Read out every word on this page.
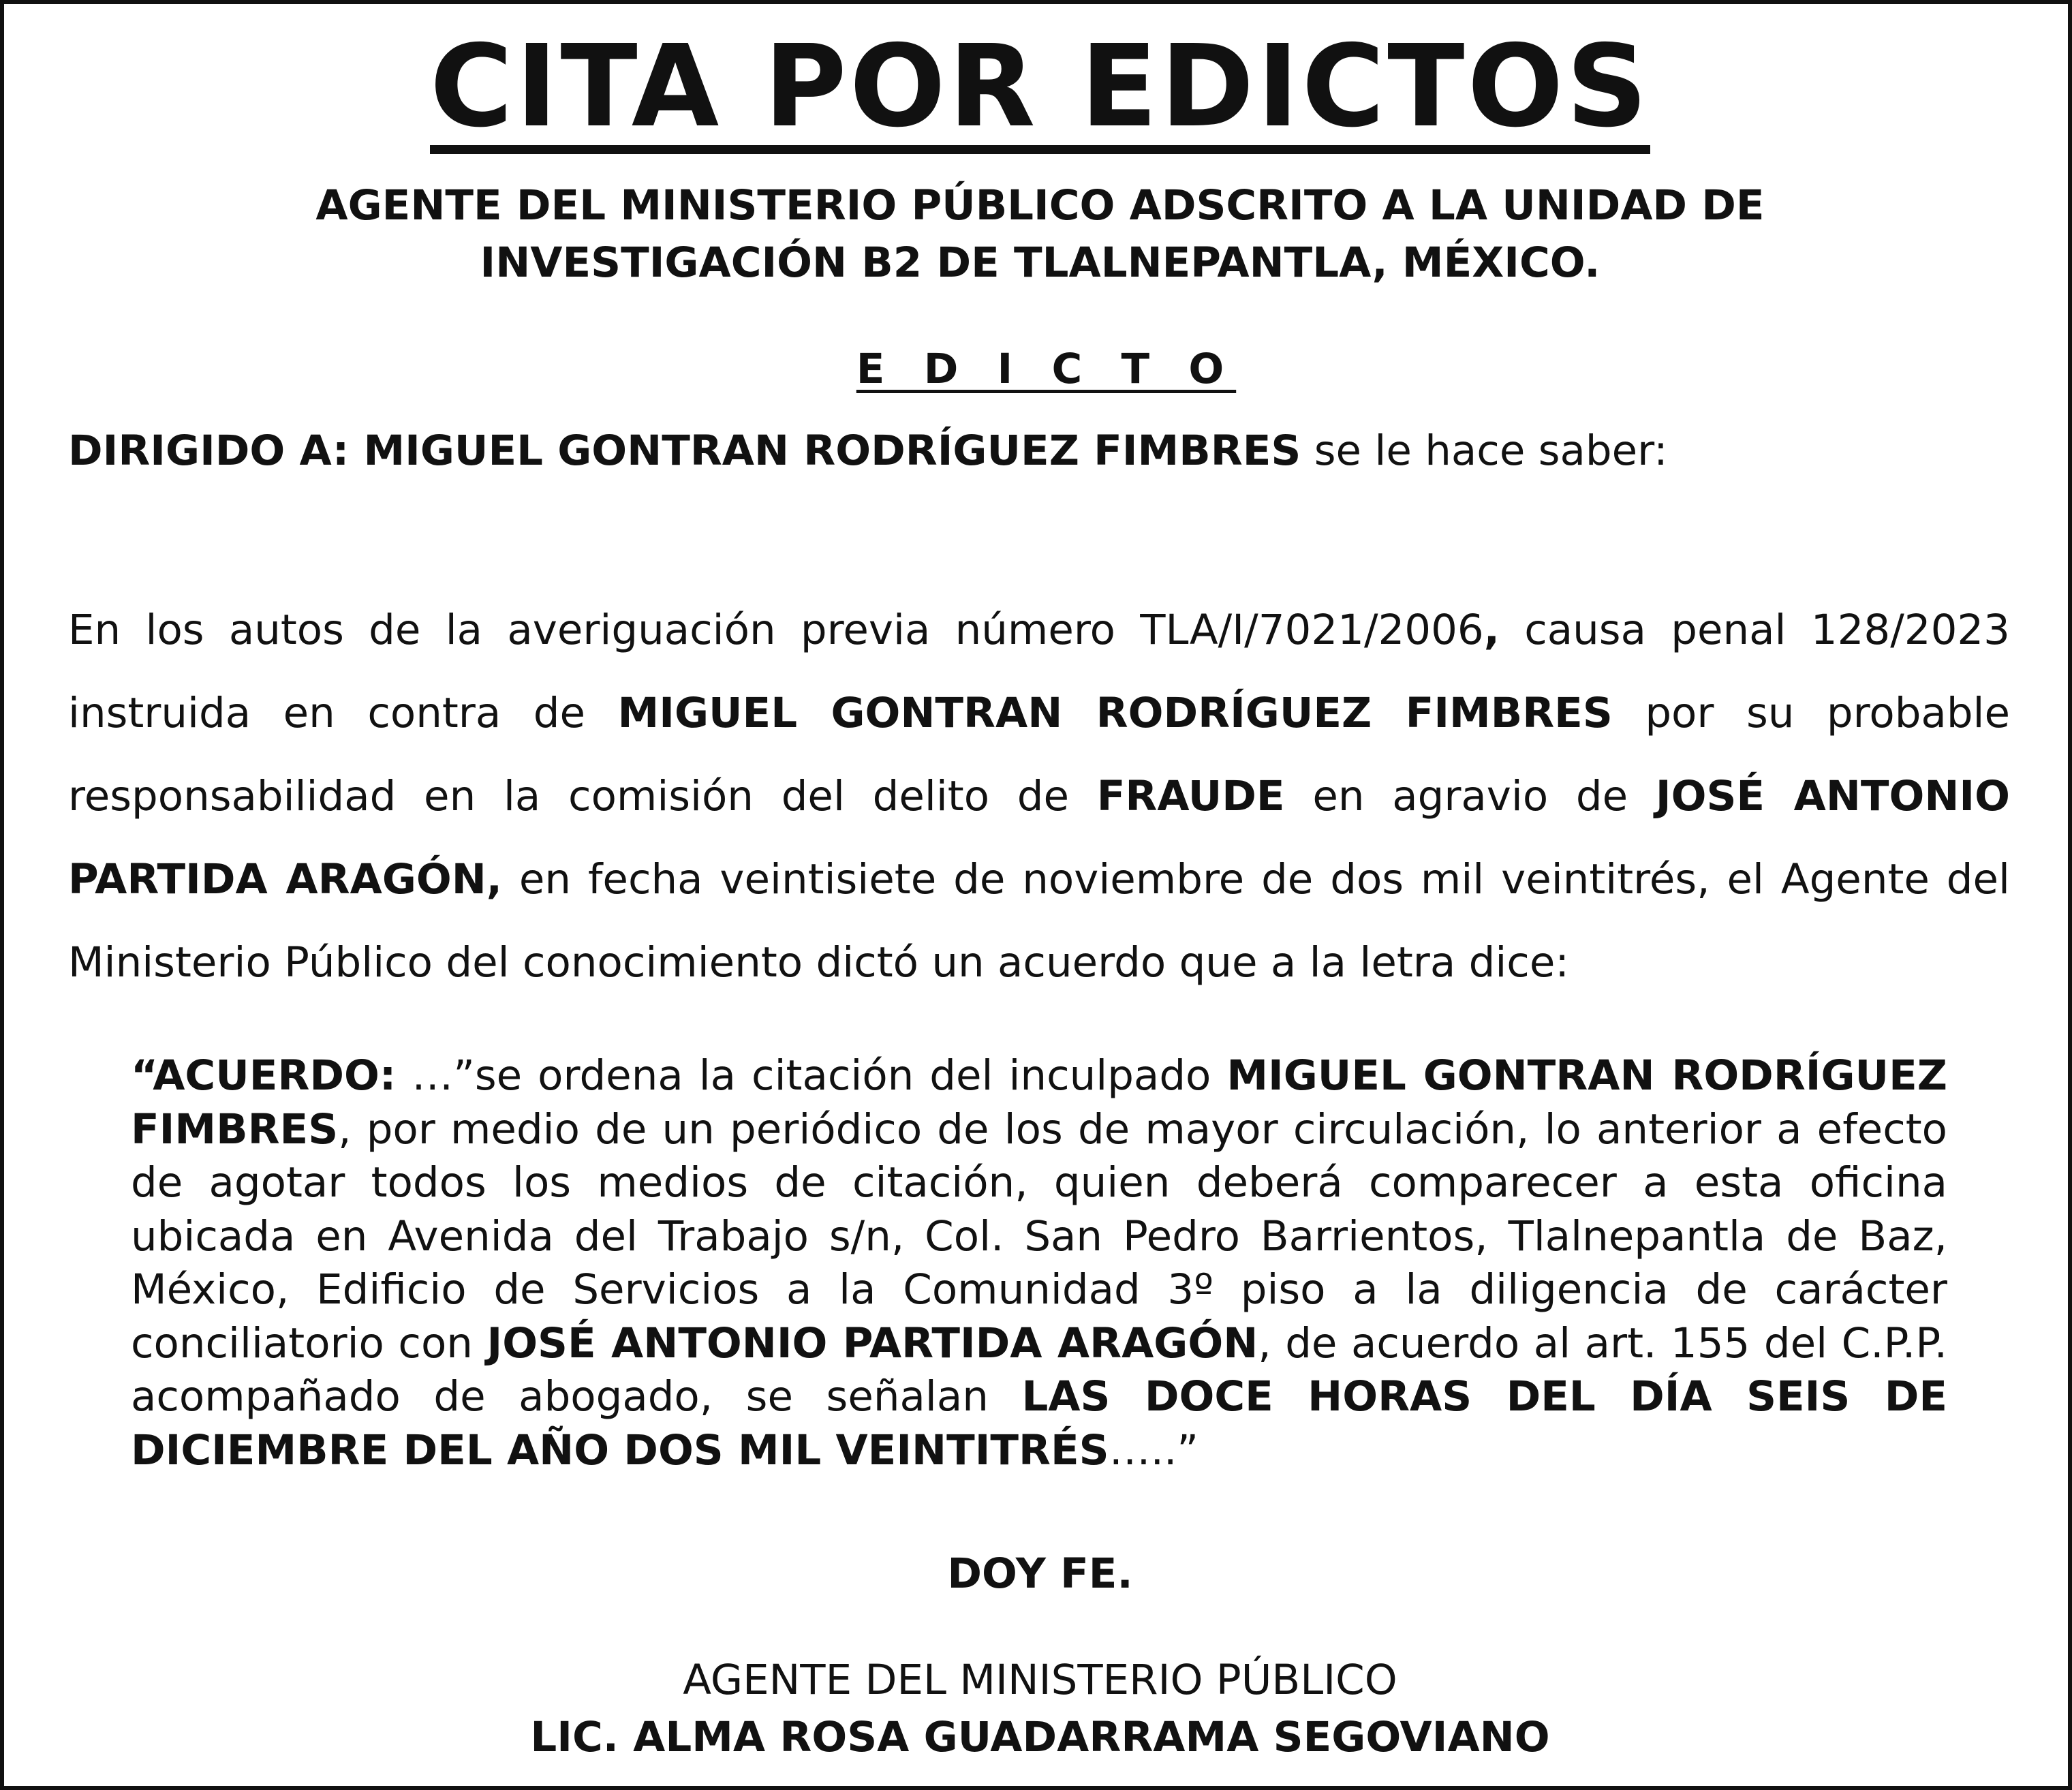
CITA POR EDICTOS
AGENTE DEL MINISTERIO PÚBLICO ADSCRITO A LA UNIDAD DE
INVESTIGACIÓN B2 DE TLALNEPANTLA, MÉXICO.
E D I C T O

DIRIGIDO A: MIGUEL GONTRAN RODRÍGUEZ FIMBRES se le hace saber:

En los autos de la averiguación previa número TLA/I/7021/2006, causa penal 128/2023 instruida en contra de MIGUEL GONTRAN RODRÍGUEZ FIMBRES por su probable responsabilidad en la comisión del delito de FRAUDE en agravio de JOSÉ ANTONIO PARTIDA ARAGÓN, en fecha veintisiete de noviembre de dos mil veintitrés, el Agente del Ministerio Público del conocimiento dictó un acuerdo que a la letra dice:

“ACUERDO: …”se ordena la citación del inculpado MIGUEL GONTRAN RODRÍGUEZ FIMBRES, por medio de un periódico de los de mayor circulación, lo anterior a efecto de agotar todos los medios de citación, quien deberá comparecer a esta oficina ubicada en Avenida del Trabajo s/n, Col. San Pedro Barrientos, Tlalnepantla de Baz, México, Edificio de Servicios a la Comunidad 3º piso a la diligencia de carácter conciliatorio con JOSÉ ANTONIO PARTIDA ARAGÓN, de acuerdo al art. 155 del C.P.P. acompañado de abogado, se señalan LAS DOCE HORAS DEL DÍA SEIS DE DICIEMBRE DEL AÑO DOS MIL VEINTITRÉS…..”

DOY FE.
AGENTE DEL MINISTERIO PÚBLICO
LIC. ALMA ROSA GUADARRAMA SEGOVIANO
